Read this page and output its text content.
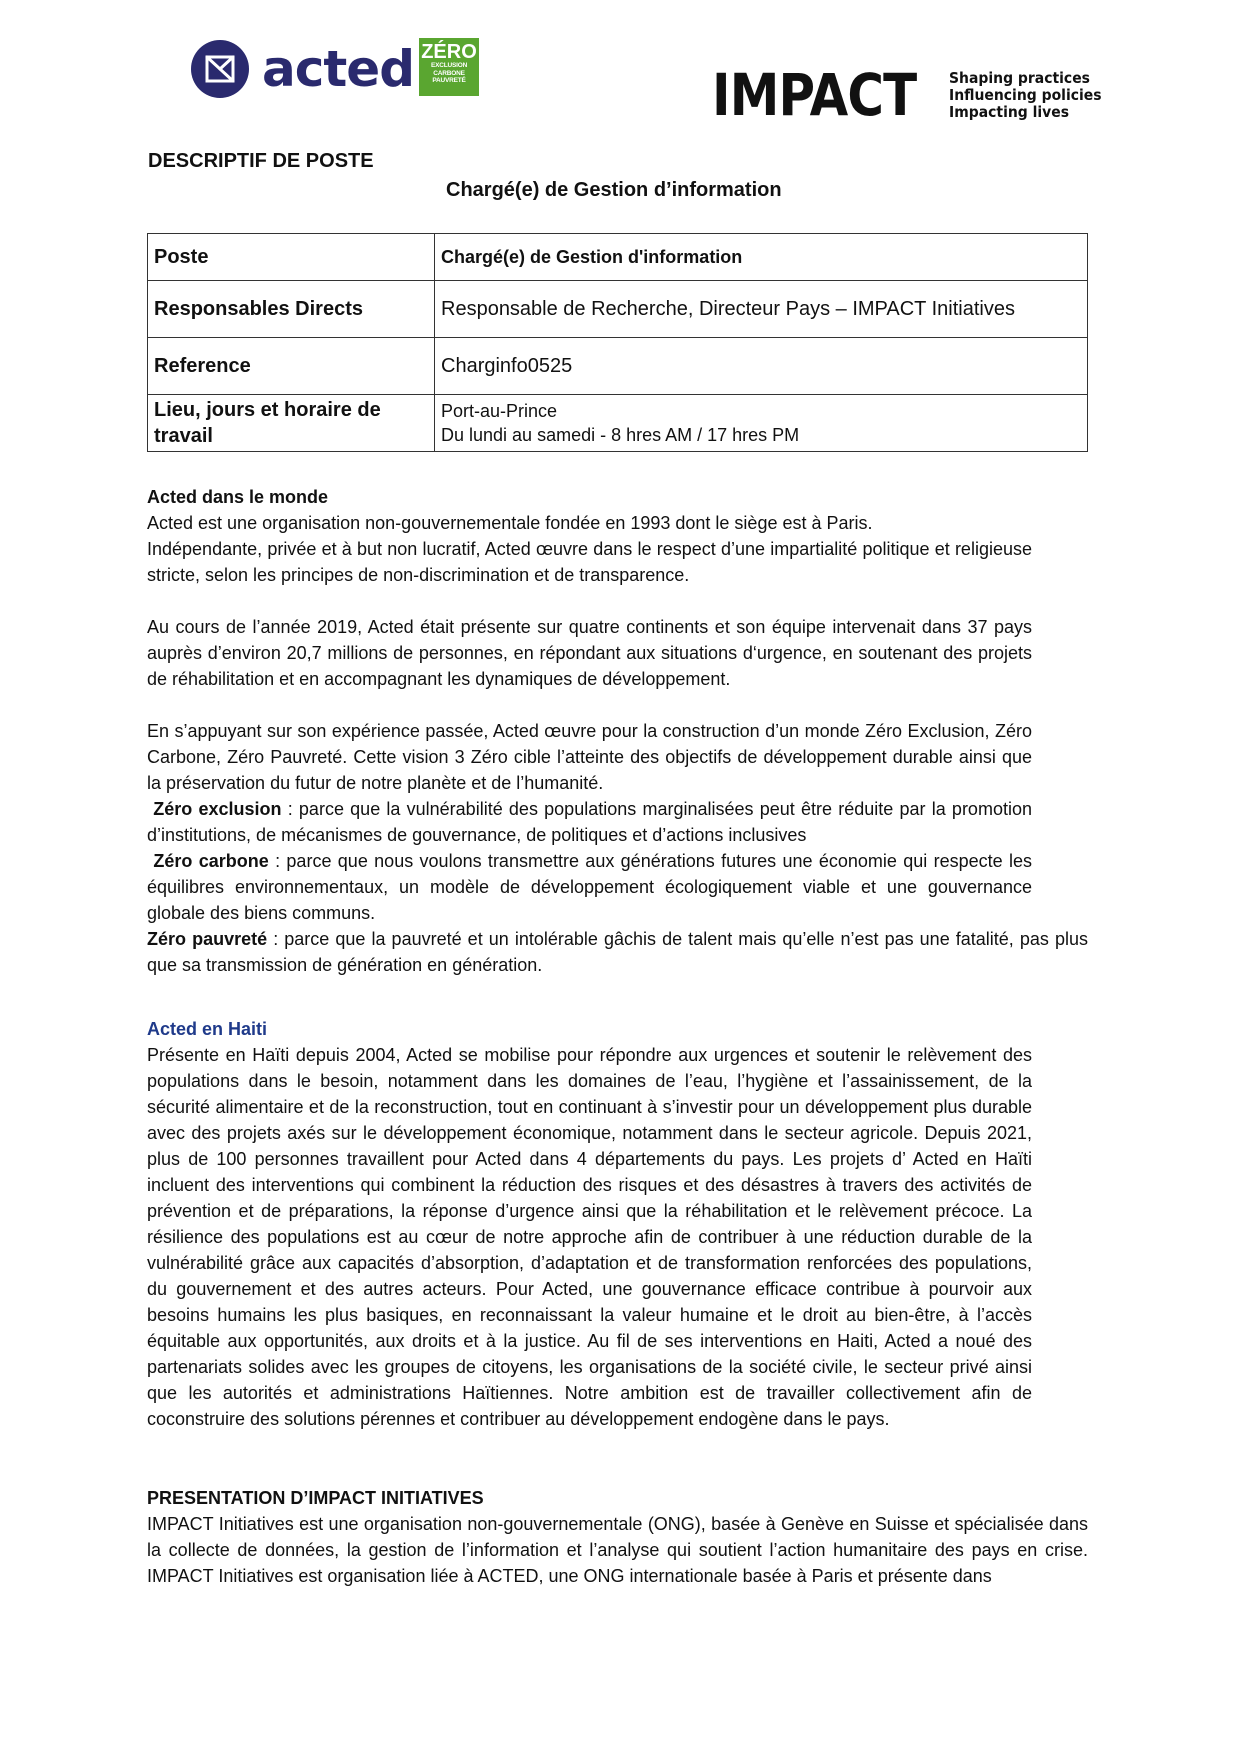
acted ZÉRO
EXCLUSION
CARBONE
PAUVRETÉ	IMPACT Shaping practices
Influencing policies
Impacting lives
DESCRIPTIF DE POSTE
Chargé(e) de Gestion d’information
Poste	Chargé(e) de Gestion d'information
Responsables Directs	Responsable de Recherche, Directeur Pays – IMPACT Initiatives
Reference	Charginfo0525
Lieu, jours et horaire de travail	Port-au-Prince
Du lundi au samedi - 8 hres AM / 17 hres PM

Acted dans le monde

Acted est une organisation non-gouvernementale fondée en 1993 dont le siège est à Paris.

Indépendante, privée et à but non lucratif, Acted œuvre dans le respect d’une impartialité politique et religieuse stricte, selon les principes de non-discrimination et de transparence.

Au cours de l’année 2019, Acted était présente sur quatre continents et son équipe intervenait dans 37 pays auprès d’environ 20,7 millions de personnes, en répondant aux situations d‘urgence, en soutenant des projets de réhabilitation et en accompagnant les dynamiques de développement.

En s’appuyant sur son expérience passée, Acted œuvre pour la construction d’un monde Zéro Exclusion, Zéro Carbone, Zéro Pauvreté. Cette vision 3 Zéro cible l’atteinte des objectifs de développement durable ainsi que la préservation du futur de notre planète et de l’humanité.

Zéro exclusion : parce que la vulnérabilité des populations marginalisées peut être réduite par la promotion d’institutions, de mécanismes de gouvernance, de politiques et d’actions inclusives

Zéro carbone : parce que nous voulons transmettre aux générations futures une économie qui respecte les équilibres environnementaux, un modèle de développement écologiquement viable et une gouvernance globale des biens communs.

Zéro pauvreté : parce que la pauvreté et un intolérable gâchis de talent mais qu’elle n’est pas une fatalité, pas plus que sa transmission de génération en génération.

Acted en Haiti

Présente en Haïti depuis 2004, Acted se mobilise pour répondre aux urgences et soutenir le relèvement des populations dans le besoin, notamment dans les domaines de l’eau, l’hygiène et l’assainissement, de la sécurité alimentaire et de la reconstruction, tout en continuant à s’investir pour un développement plus durable avec des projets axés sur le développement économique, notamment dans le secteur agricole. Depuis 2021, plus de 100 personnes travaillent pour Acted dans 4 départements du pays. Les projets d’ Acted en Haïti incluent des interventions qui combinent la réduction des risques et des désastres à travers des activités de prévention et de préparations, la réponse d’urgence ainsi que la réhabilitation et le relèvement précoce. La résilience des populations est au cœur de notre approche afin de contribuer à une réduction durable de la vulnérabilité grâce aux capacités d’absorption, d’adaptation et de transformation renforcées des populations, du gouvernement et des autres acteurs. Pour Acted, une gouvernance efficace contribue à pourvoir aux besoins humains les plus basiques, en reconnaissant la valeur humaine et le droit au bien-être, à l’accès équitable aux opportunités, aux droits et à la justice. Au fil de ses interventions en Haiti, Acted a noué des partenariats solides avec les groupes de citoyens, les organisations de la société civile, le secteur privé ainsi que les autorités et administrations Haïtiennes. Notre ambition est de travailler collectivement afin de coconstruire des solutions pérennes et contribuer au développement endogène dans le pays.

PRESENTATION D’IMPACT INITIATIVES

IMPACT Initiatives est une organisation non-gouvernementale (ONG), basée à Genève en Suisse et spécialisée dans la collecte de données, la gestion de l’information et l’analyse qui soutient l’action humanitaire des pays en crise. IMPACT Initiatives est organisation liée à ACTED, une ONG internationale basée à Paris et présente dans
